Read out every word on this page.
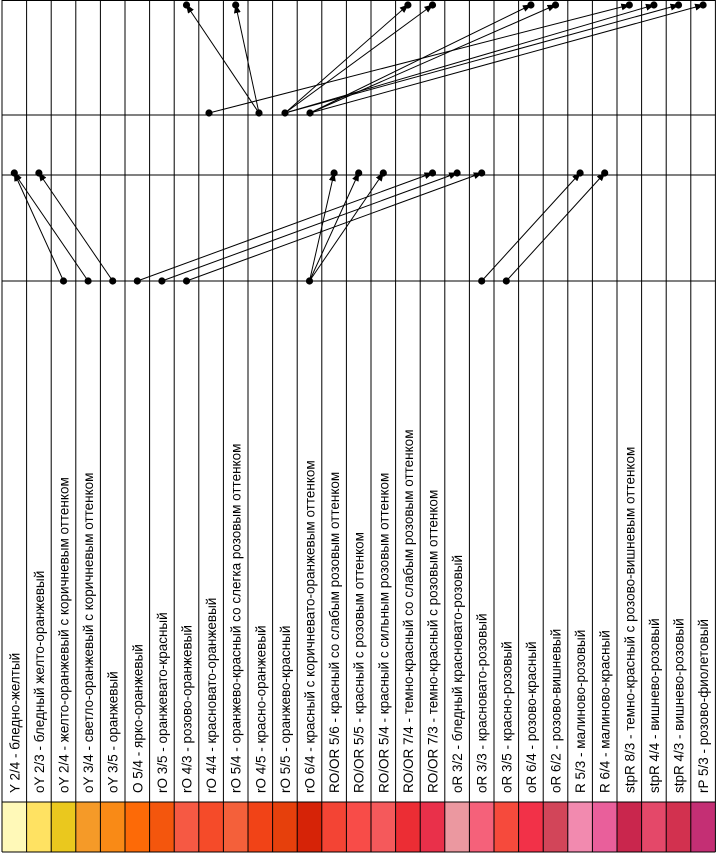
Y 2/4 - бледно-желтый oY 2/3 - бледный желто-оранжевый oY 2/4 - желто-оранжевый с коричневым оттенком oY 3/4 - светло-оранжевый с коричневым оттенком oY 3/5 - оранжевый O 5/4 - ярко-оранжевый rO 3/5 - оранжевато-красный rO 4/3 - розово-оранжевый rO 4/4 - красновато-оранжевый rO 5/4 - оранжево-красный со слегка розовым оттенком rO 4/5 - красно-оранжевый rO 5/5 - оранжево-красный rO 6/4 - красный с коричневато-оранжевым оттенком RO/OR 5/6 - красный со слабым розовым оттенком RO/OR 5/5 - красный с розовым оттенком RO/OR 5/4 - красный с сильным розовым оттенком RO/OR 7/4 - темно-красный со слабым розовым оттенком RO/OR 7/3 - темно-красный с розовым оттенком oR 3/2 - бледный красновато-розовый oR 3/3 - красновато-розовый oR 3/5 - красно-розовый oR 6/4 - розово-красный oR 6/2 - розово-вишневый R 5/3 - малиново-розовый R 6/4 - малиново-красный stpR 8/3 - темно-красный с розово-вишневым оттенком stpR 4/4 - вишнево-розовый stpR 4/3 - вишнево-розовый rP 5/3 - розово-фиолетовый
